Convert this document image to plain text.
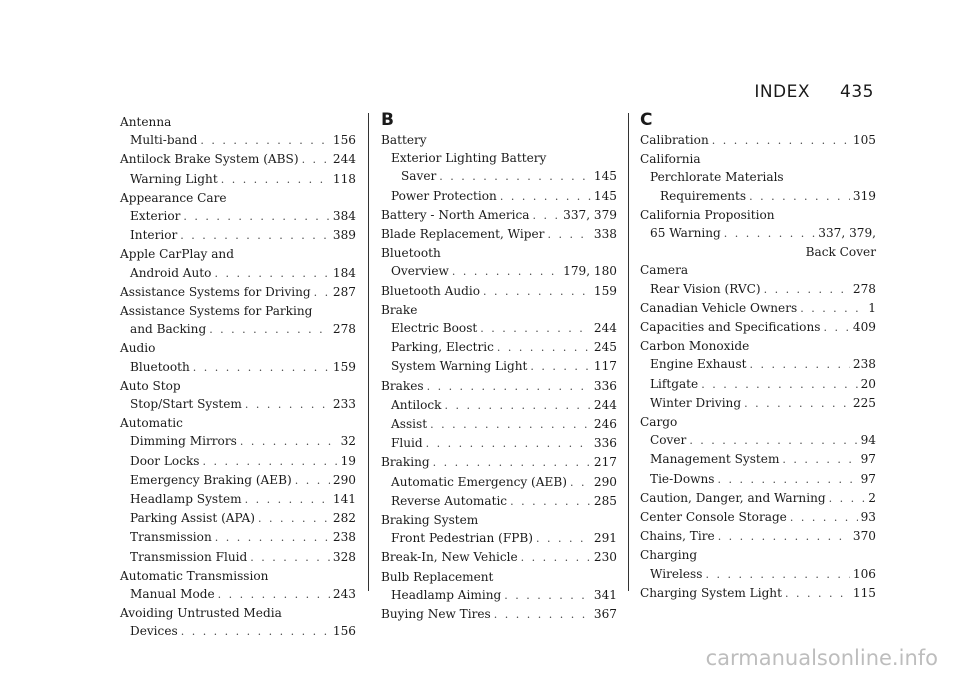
INDEX 435
Antenna
Multi-band . . .	156
Antilock Brake System (ABS) . . .	244
Warning Light . . .	118
Appearance Care
Exterior . . .	384
Interior . . .	389
Apple CarPlay and
Android Auto . . .	184
Assistance Systems for Driving . . . 287
Assistance Systems for Parking
and Backing . . .	278
Audio
Bluetooth . . .	159
Auto Stop
Stop/Start System . . .	233
Automatic
Dimming Mirrors . . .	32
Door Locks . . .	19
Emergency Braking (AEB) . . .	290
Headlamp System . . .	141
Parking Assist (APA) . . .	282
Transmission . . .	238
Transmission Fluid . . .	328
Automatic Transmission
Manual Mode . . .	243
Avoiding Untrusted Media
Devices . . .	156
B
Battery
Exterior Lighting Battery
Saver . . .	145
Power Protection . . .	145
Battery - North America . . .	337, 379
Blade Replacement, Wiper . . .	338
Bluetooth
Overview . . .	179, 180
Bluetooth Audio . . .	159
Brake
Electric Boost . . .	244
Parking, Electric . . .	245
System Warning Light . . .	117
Brakes . . .	336
Antilock . . .	244
Assist . . .	246
Fluid . . .	336
Braking . . .	217
Automatic Emergency (AEB) . . . 290
Reverse Automatic . . .	285
Braking System
Front Pedestrian (FPB) . . .	291
Break-In, New Vehicle . . .	230
Bulb Replacement
Headlamp Aiming . . .	341
Buying New Tires . . .	367
C
Calibration . . .	105
California
Perchlorate Materials
Requirements . . .	319
California Proposition
65 Warning . . .	337, 379,
Back Cover
Camera
Rear Vision (RVC) . . .	278
Canadian Vehicle Owners . . .	1
Capacities and Specifications . . .	409
Carbon Monoxide
Engine Exhaust . . .	238
Liftgate . . .	20
Winter Driving . . .	225
Cargo
Cover . . .	94
Management System . . .	97
Tie-Downs . . .	97
Caution, Danger, and Warning . . .	2
Center Console Storage . . .	93
Chains, Tire . . .	370
Charging
Wireless . . .	106
Charging System Light . . .	115
carmanualsonline.info
